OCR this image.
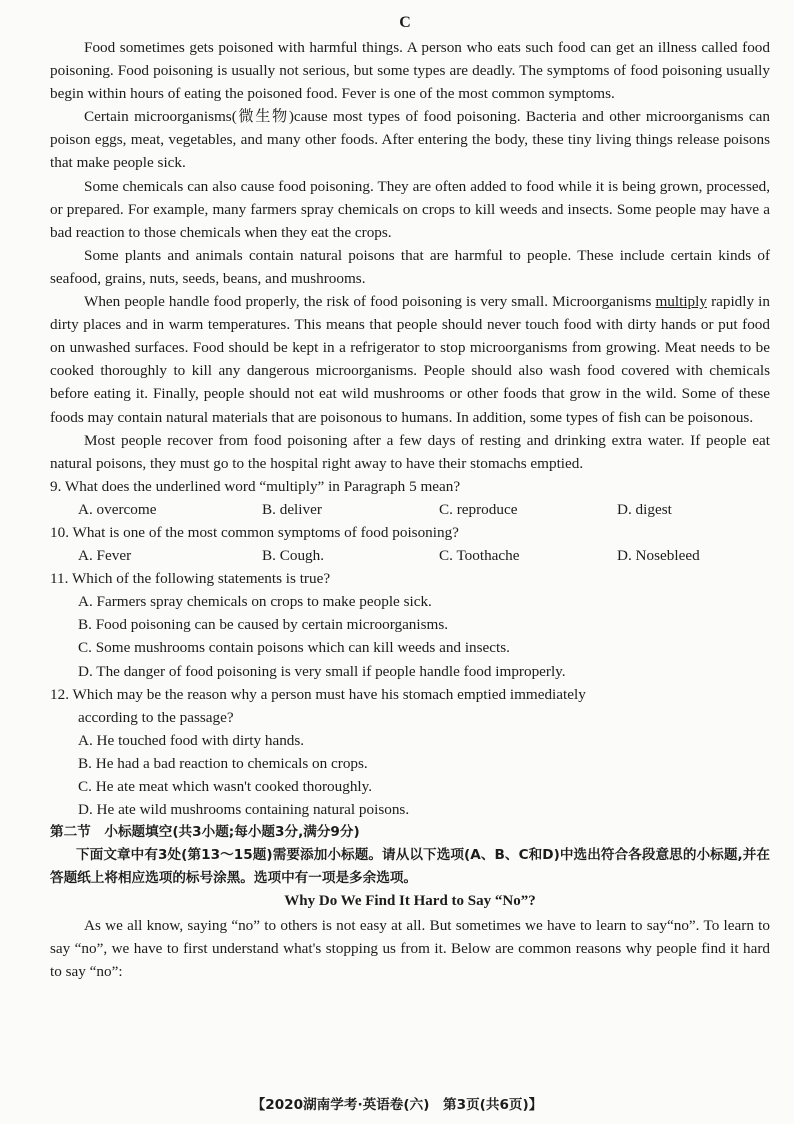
C

Food sometimes gets poisoned with harmful things. A person who eats such food can get an illness called food poisoning. Food poisoning is usually not serious, but some types are deadly. The symptoms of food poisoning usually begin within hours of eating the poisoned food. Fever is one of the most common symptoms.

Certain microorganisms(微生物)cause most types of food poisoning. Bacteria and other microorganisms can poison eggs, meat, vegetables, and many other foods. After entering the body, these tiny living things release poisons that make people sick.

Some chemicals can also cause food poisoning. They are often added to food while it is being grown, processed, or prepared. For example, many farmers spray chemicals on crops to kill weeds and insects. Some people may have a bad reaction to those chemicals when they eat the crops.

Some plants and animals contain natural poisons that are harmful to people. These include certain kinds of seafood, grains, nuts, seeds, beans, and mushrooms.

When people handle food properly, the risk of food poisoning is very small. Microorganisms multiply rapidly in dirty places and in warm temperatures. This means that people should never touch food with dirty hands or put food on unwashed surfaces. Food should be kept in a refrigerator to stop microorganisms from growing. Meat needs to be cooked thoroughly to kill any dangerous microorganisms. People should also wash food covered with chemicals before eating it. Finally, people should not eat wild mushrooms or other foods that grow in the wild. Some of these foods may contain natural materials that are poisonous to humans. In addition, some types of fish can be poisonous.

Most people recover from food poisoning after a few days of resting and drinking extra water. If people eat natural poisons, they must go to the hospital right away to have their stomachs emptied.

9. What does the underlined word “multiply” in Paragraph 5 mean?
A. overcome	B. deliver	C. reproduce	D. digest
10. What is one of the most common symptoms of food poisoning?
A. Fever	B. Cough.	C. Toothache	D. Nosebleed
11. Which of the following statements is true?
A. Farmers spray chemicals on crops to make people sick.
B. Food poisoning can be caused by certain microorganisms.
C. Some mushrooms contain poisons which can kill weeds and insects.
D. The danger of food poisoning is very small if people handle food improperly.
12. Which may be the reason why a person must have his stomach emptied immediately
according to the passage?
A. He touched food with dirty hands.
B. He had a bad reaction to chemicals on crops.
C. He ate meat which wasn't cooked thoroughly.
D. He ate wild mushrooms containing natural poisons.
第二节　小标题填空(共3小题;每小题3分,满分9分)

下面文章中有3处(第13～15题)需要添加小标题。请从以下选项(A、B、C和D)中选出符合各段意思的小标题,并在答题纸上将相应选项的标号涂黑。选项中有一项是多余选项。

Why Do We Find It Hard to Say “No”?

As we all know, saying “no” to others is not easy at all. But sometimes we have to learn to say“no”. To learn to say “no”, we have to first understand what's stopping us from it. Below are common reasons why people find it hard to say “no”:

【2020湖南学考·英语卷(六)　第3页(共6页)】
